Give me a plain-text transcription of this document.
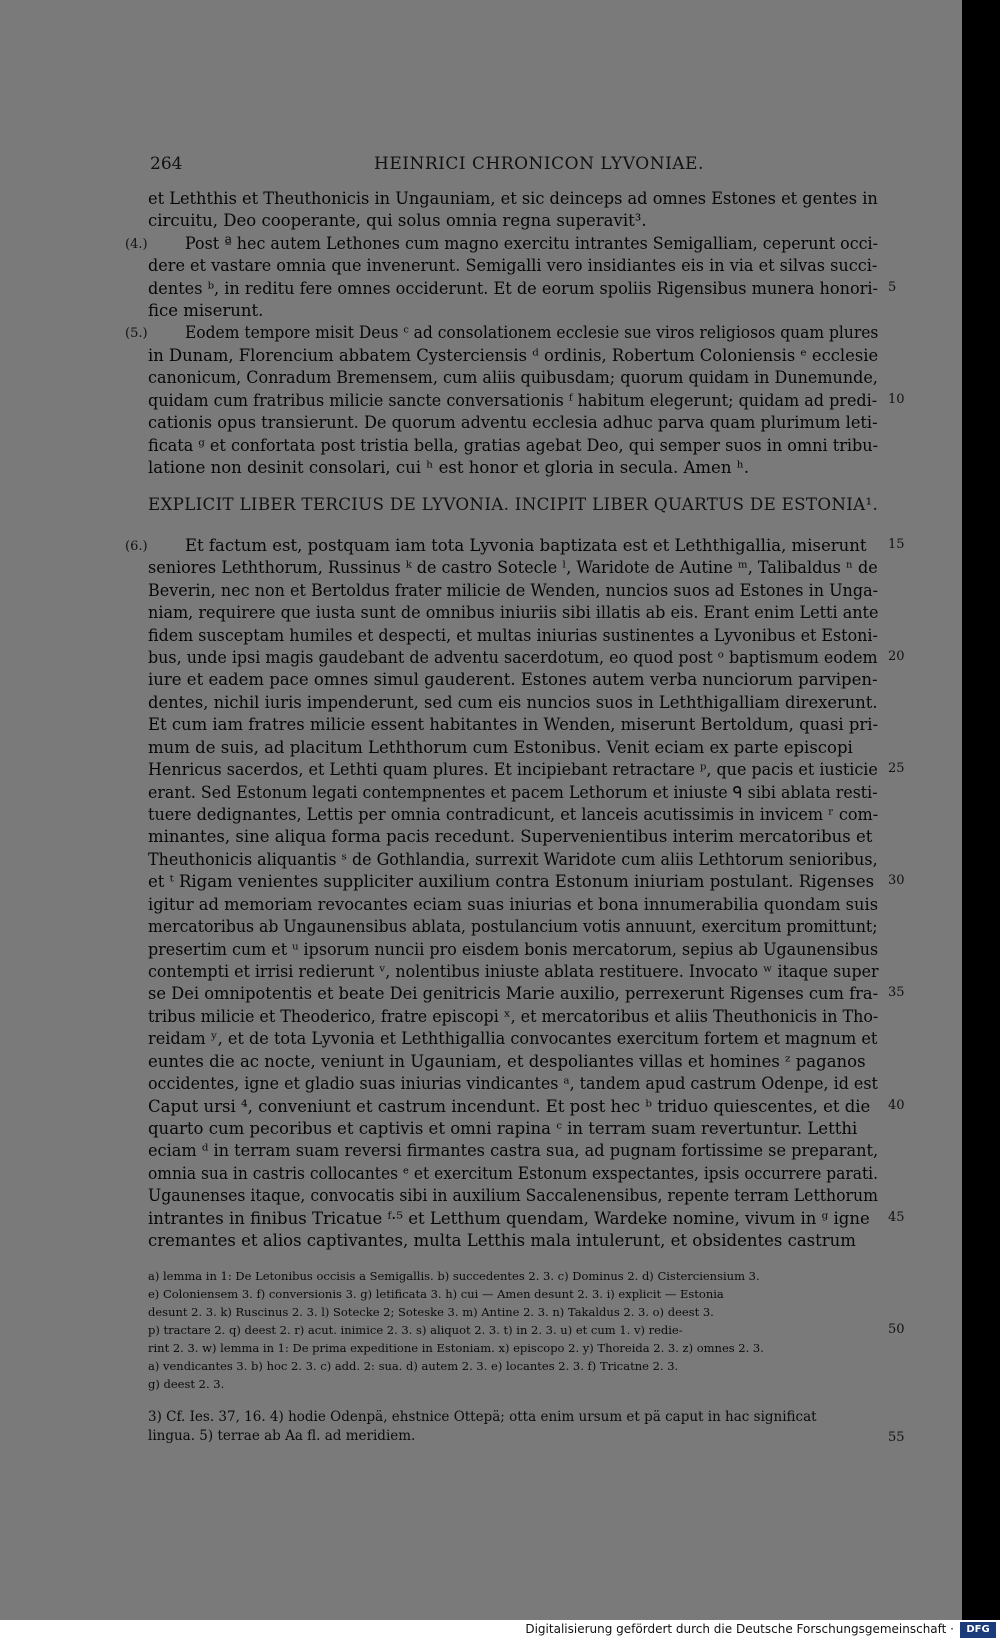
264	HEINRICI CHRONICON LYVONIAE.
(4.)
(5.)
(6.)
et Leththis et Theuthonicis in Ungauniam, et sic deinceps ad omnes Estones et gentes in
circuitu, Deo cooperante, qui solus omnia regna superavit³.
Post ª hec autem Lethones cum magno exercitu intrantes Semigalliam, ceperunt occi-
dere et vastare omnia que invenerunt. Semigalli vero insidiantes eis in via et silvas succi-
dentes ᵇ, in reditu fere omnes occiderunt. Et de eorum spoliis Rigensibus munera honori-
fice miserunt.
Eodem tempore misit Deus ᶜ ad consolationem ecclesie sue viros religiosos quam plures
in Dunam, Florencium abbatem Cysterciensis ᵈ ordinis, Robertum Coloniensis ᵉ ecclesie
canonicum, Conradum Bremensem, cum aliis quibusdam; quorum quidam in Dunemunde,
quidam cum fratribus milicie sancte conversationis ᶠ habitum elegerunt; quidam ad predi-
cationis opus transierunt. De quorum adventu ecclesia adhuc parva quam plurimum leti-
ficata ᵍ et confortata post tristia bella, gratias agebat Deo, qui semper suos in omni tribu-
latione non desinit consolari, cui ʰ est honor et gloria in secula. Amen ʰ.
EXPLICIT LIBER TERCIUS DE LYVONIA. INCIPIT LIBER QUARTUS DE ESTONIA¹.
Et factum est, postquam iam tota Lyvonia baptizata est et Leththigallia, miserunt
seniores Leththorum, Russinus ᵏ de castro Sotecle ˡ, Waridote de Autine ᵐ, Talibaldus ⁿ de
Beverin, nec non et Bertoldus frater milicie de Wenden, nuncios suos ad Estones in Unga-
niam, requirere que iusta sunt de omnibus iniuriis sibi illatis ab eis. Erant enim Letti ante
fidem susceptam humiles et despecti, et multas iniurias sustinentes a Lyvonibus et Estoni-
bus, unde ipsi magis gaudebant de adventu sacerdotum, eo quod post ᵒ baptismum eodem
iure et eadem pace omnes simul gauderent. Estones autem verba nunciorum parvipen-
dentes, nichil iuris impenderunt, sed cum eis nuncios suos in Leththigalliam direxerunt.
Et cum iam fratres milicie essent habitantes in Wenden, miserunt Bertoldum, quasi pri-
mum de suis, ad placitum Leththorum cum Estonibus. Venit eciam ex parte episcopi
Henricus sacerdos, et Lethti quam plures. Et incipiebant retractare ᵖ, que pacis et iusticie
erant. Sed Estonum legati contempnentes et pacem Lethorum et iniuste ᑫ sibi ablata resti-
tuere dedignantes, Lettis per omnia contradicunt, et lanceis acutissimis in invicem ʳ com-
minantes, sine aliqua forma pacis recedunt. Supervenientibus interim mercatoribus et
Theuthonicis aliquantis ˢ de Gothlandia, surrexit Waridote cum aliis Lethtorum senioribus,
et ᵗ Rigam venientes suppliciter auxilium contra Estonum iniuriam postulant. Rigenses
igitur ad memoriam revocantes eciam suas iniurias et bona innumerabilia quondam suis
mercatoribus ab Ungaunensibus ablata, postulancium votis annuunt, exercitum promittunt;
presertim cum et ᵘ ipsorum nuncii pro eisdem bonis mercatorum, sepius ab Ugaunensibus
contempti et irrisi redierunt ᵛ, nolentibus iniuste ablata restituere. Invocato ʷ itaque super
se Dei omnipotentis et beate Dei genitricis Marie auxilio, perrexerunt Rigenses cum fra-
tribus milicie et Theoderico, fratre episcopi ˣ, et mercatoribus et aliis Theuthonicis in Tho-
reidam ʸ, et de tota Lyvonia et Leththigallia convocantes exercitum fortem et magnum et
euntes die ac nocte, veniunt in Ugauniam, et despoliantes villas et homines ᶻ paganos
occidentes, igne et gladio suas iniurias vindicantes ᵃ, tandem apud castrum Odenpe, id est
Caput ursi ⁴, conveniunt et castrum incendunt. Et post hec ᵇ triduo quiescentes, et die
quarto cum pecoribus et captivis et omni rapina ᶜ in terram suam revertuntur. Letthi
eciam ᵈ in terram suam reversi firmantes castra sua, ad pugnam fortissime se preparant,
omnia sua in castris collocantes ᵉ et exercitum Estonum exspectantes, ipsis occurrere parati.
Ugaunenses itaque, convocatis sibi in auxilium Saccalenensibus, repente terram Letthorum
intrantes in finibus Tricatue ᶠ·⁵ et Letthum quendam, Wardeke nomine, vivum in ᵍ igne
cremantes et alios captivantes, multa Letthis mala intulerunt, et obsidentes castrum
5
10
15
20
25
30
35
40
45
50
55
a) lemma in 1: De Letonibus occisis a Semigallis. b) succedentes 2. 3. c) Dominus 2. d) Cisterciensium 3.
e) Coloniensem 3. f) conversionis 3. g) letificata 3. h) cui — Amen desunt 2. 3. i) explicit — Estonia
desunt 2. 3. k) Ruscinus 2. 3. l) Sotecke 2; Soteske 3. m) Antine 2. 3. n) Takaldus 2. 3. o) deest 3.
p) tractare 2. q) deest 2. r) acut. inimice 2. 3. s) aliquot 2. 3. t) in 2. 3. u) et cum 1. v) redie-
rint 2. 3. w) lemma in 1: De prima expeditione in Estoniam. x) episcopo 2. y) Thoreida 2. 3. z) omnes 2. 3.
a) vendicantes 3. b) hoc 2. 3. c) add. 2: sua. d) autem 2. 3. e) locantes 2. 3. f) Tricatne 2. 3.
g) deest 2. 3.
3) Cf. Ies. 37, 16. 4) hodie Odenpä, ehstnice Ottepä; otta enim ursum et pä caput in hac significat
lingua. 5) terrae ab Aa fl. ad meridiem.
Digitalisierung gefördert durch die Deutsche Forschungsgemeinschaft ·	DFG
